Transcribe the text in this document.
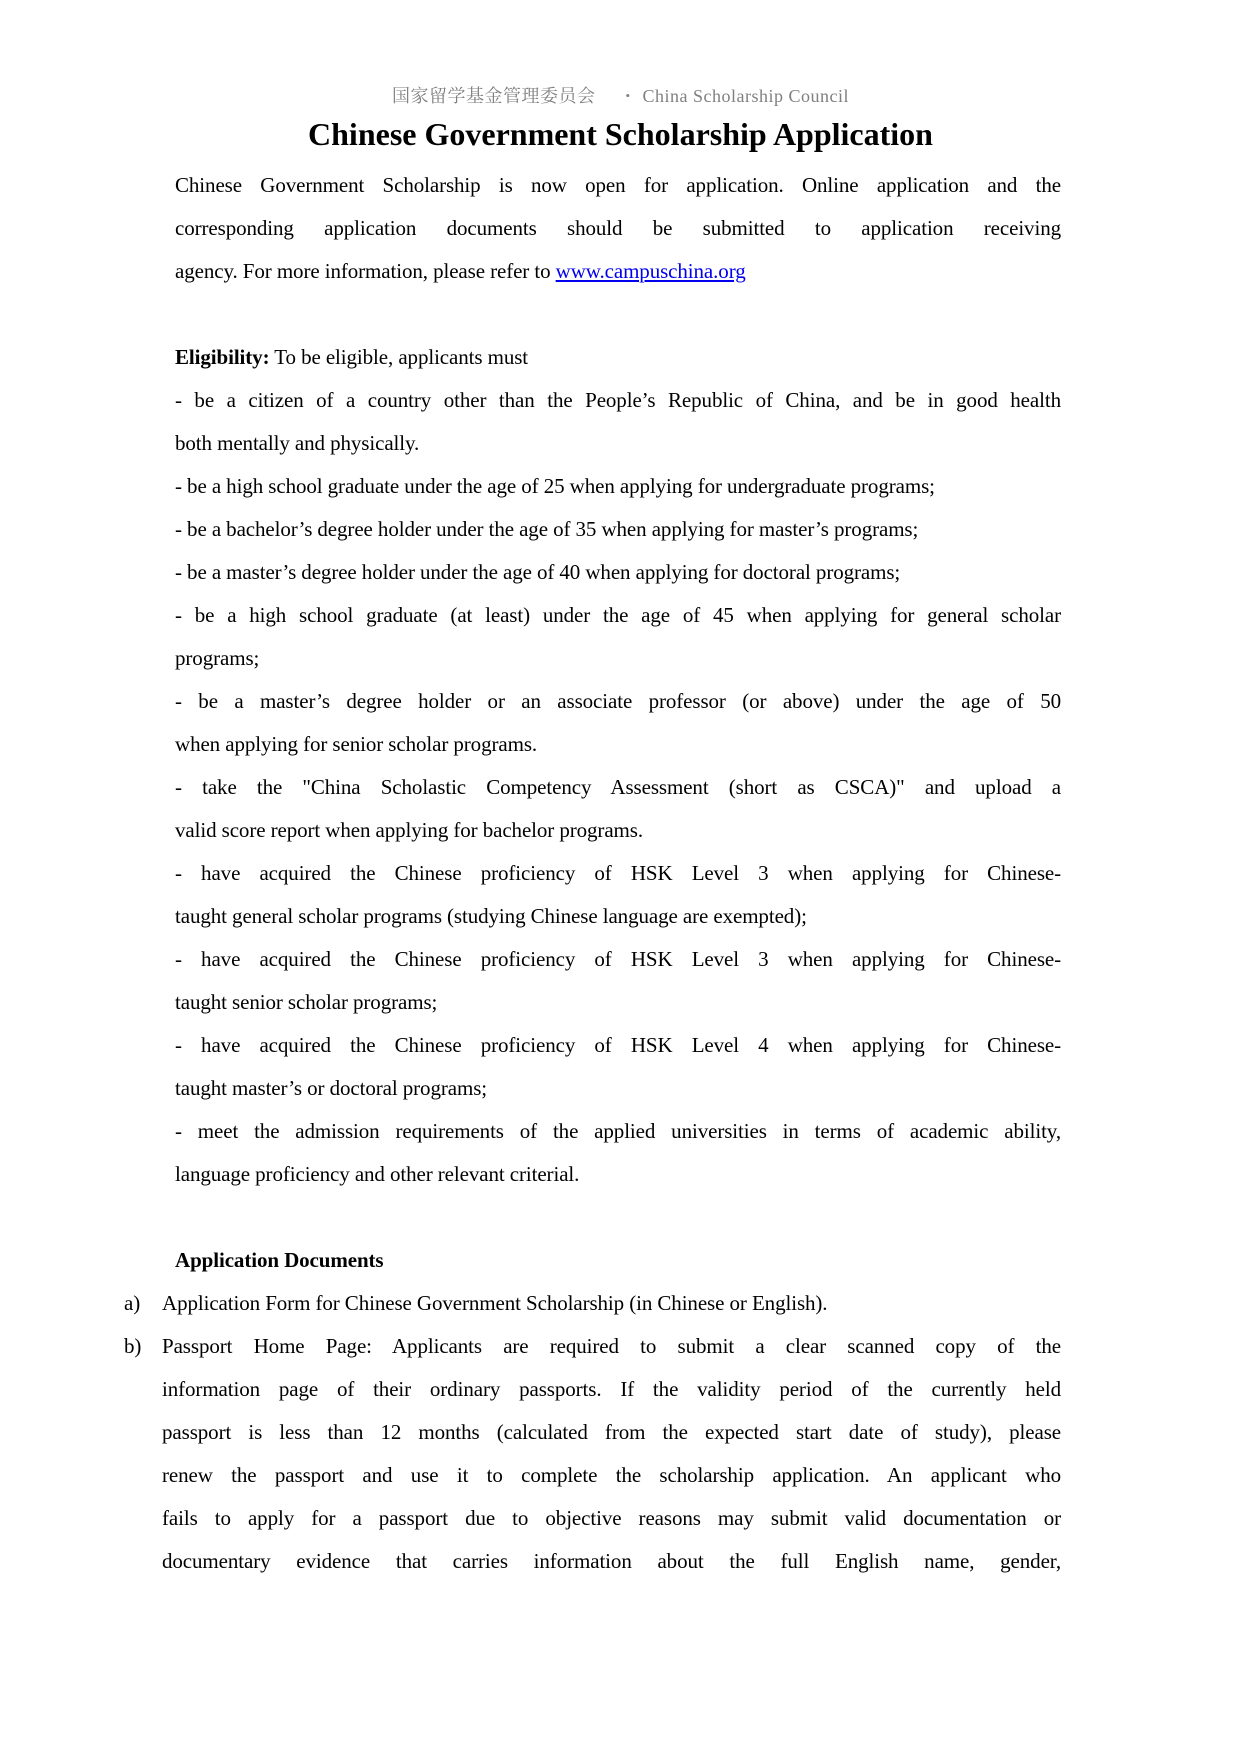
国家留学基金管理委员会 • China Scholarship Council
Chinese Government Scholarship Application
Chinese Government Scholarship is now open for application. Online application and the
corresponding application documents should be submitted to application receiving
agency. For more information, please refer to www.campuschina.org
Eligibility: To be eligible, applicants must
- be a citizen of a country other than the People’s Republic of China, and be in good health
both mentally and physically.
- be a high school graduate under the age of 25 when applying for undergraduate programs;
- be a bachelor’s degree holder under the age of 35 when applying for master’s programs;
- be a master’s degree holder under the age of 40 when applying for doctoral programs;
- be a high school graduate (at least) under the age of 45 when applying for general scholar
programs;
- be a master’s degree holder or an associate professor (or above) under the age of 50
when applying for senior scholar programs.
- take the "China Scholastic Competency Assessment (short as CSCA)" and upload a
valid score report when applying for bachelor programs.
- have acquired the Chinese proficiency of HSK Level 3 when applying for Chinese-
taught general scholar programs (studying Chinese language are exempted);
- have acquired the Chinese proficiency of HSK Level 3 when applying for Chinese-
taught senior scholar programs;
- have acquired the Chinese proficiency of HSK Level 4 when applying for Chinese-
taught master’s or doctoral programs;
- meet the admission requirements of the applied universities in terms of academic ability,
language proficiency and other relevant criterial.
Application Documents
a) Application Form for Chinese Government Scholarship (in Chinese or English).
b) Passport Home Page: Applicants are required to submit a clear scanned copy of the
information page of their ordinary passports. If the validity period of the currently held
passport is less than 12 months (calculated from the expected start date of study), please
renew the passport and use it to complete the scholarship application. An applicant who
fails to apply for a passport due to objective reasons may submit valid documentation or
documentary evidence that carries information about the full English name, gender,
